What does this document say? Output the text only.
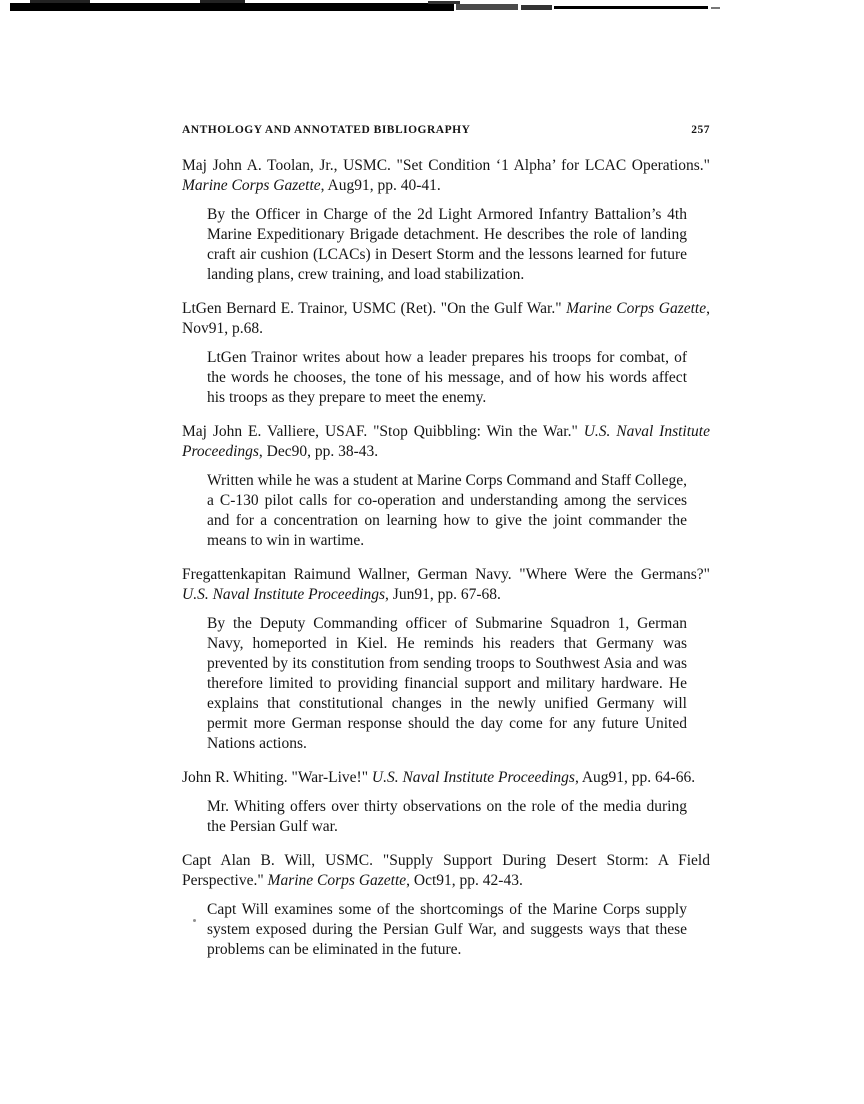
ANTHOLOGY AND ANNOTATED BIBLIOGRAPHY	257

Maj John A. Toolan, Jr., USMC. "Set Condition ‘1 Alpha’ for LCAC Operations." Marine Corps Gazette, Aug91, pp. 40-41.

By the Officer in Charge of the 2d Light Armored Infantry Battalion’s 4th Marine Expeditionary Brigade detachment. He describes the role of landing craft air cushion (LCACs) in Desert Storm and the lessons learned for future landing plans, crew training, and load stabilization.

LtGen Bernard E. Trainor, USMC (Ret). "On the Gulf War." Marine Corps Gazette, Nov91, p.68.

LtGen Trainor writes about how a leader prepares his troops for combat, of the words he chooses, the tone of his message, and of how his words affect his troops as they prepare to meet the enemy.

Maj John E. Valliere, USAF. "Stop Quibbling: Win the War." U.S. Naval Institute Proceedings, Dec90, pp. 38-43.

Written while he was a student at Marine Corps Command and Staff College, a C-130 pilot calls for co-operation and understanding among the services and for a concentration on learning how to give the joint commander the means to win in wartime.

Fregattenkapitan Raimund Wallner, German Navy. "Where Were the Germans?" U.S. Naval Institute Proceedings, Jun91, pp. 67-68.

By the Deputy Commanding officer of Submarine Squadron 1, German Navy, homeported in Kiel. He reminds his readers that Germany was prevented by its constitution from sending troops to Southwest Asia and was therefore limited to providing financial support and military hardware. He explains that constitutional changes in the newly unified Germany will permit more German response should the day come for any future United Nations actions.

John R. Whiting. "War-Live!" U.S. Naval Institute Proceedings, Aug91, pp. 64-66.

Mr. Whiting offers over thirty observations on the role of the media during the Persian Gulf war.

Capt Alan B. Will, USMC. "Supply Support During Desert Storm: A Field Perspective." Marine Corps Gazette, Oct91, pp. 42-43.

Capt Will examines some of the shortcomings of the Marine Corps supply system exposed during the Persian Gulf War, and suggests ways that these problems can be eliminated in the future.
